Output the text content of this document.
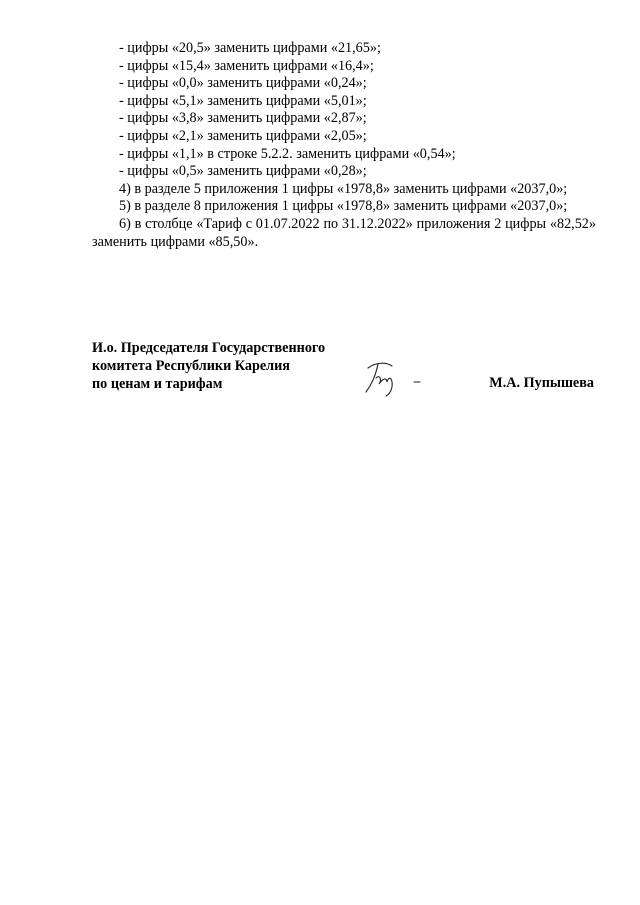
- цифры «20,5» заменить цифрами «21,65»;
- цифры «15,4» заменить цифрами «16,4»;
- цифры «0,0» заменить цифрами «0,24»;
- цифры «5,1» заменить цифрами «5,01»;
- цифры «3,8» заменить цифрами «2,87»;
- цифры «2,1» заменить цифрами «2,05»;
- цифры «1,1» в строке 5.2.2. заменить цифрами «0,54»;
- цифры «0,5» заменить цифрами «0,28»;
4) в разделе 5 приложения 1 цифры «1978,8» заменить цифрами «2037,0»;
5) в разделе 8 приложения 1 цифры «1978,8» заменить цифрами «2037,0»;
6) в столбце «Тариф с 01.07.2022 по 31.12.2022» приложения 2 цифры «82,52» заменить цифрами «85,50».
И.о. Председателя Государственного
комитета Республики Карелия
по ценам и тарифам	М.А. Пупышева
